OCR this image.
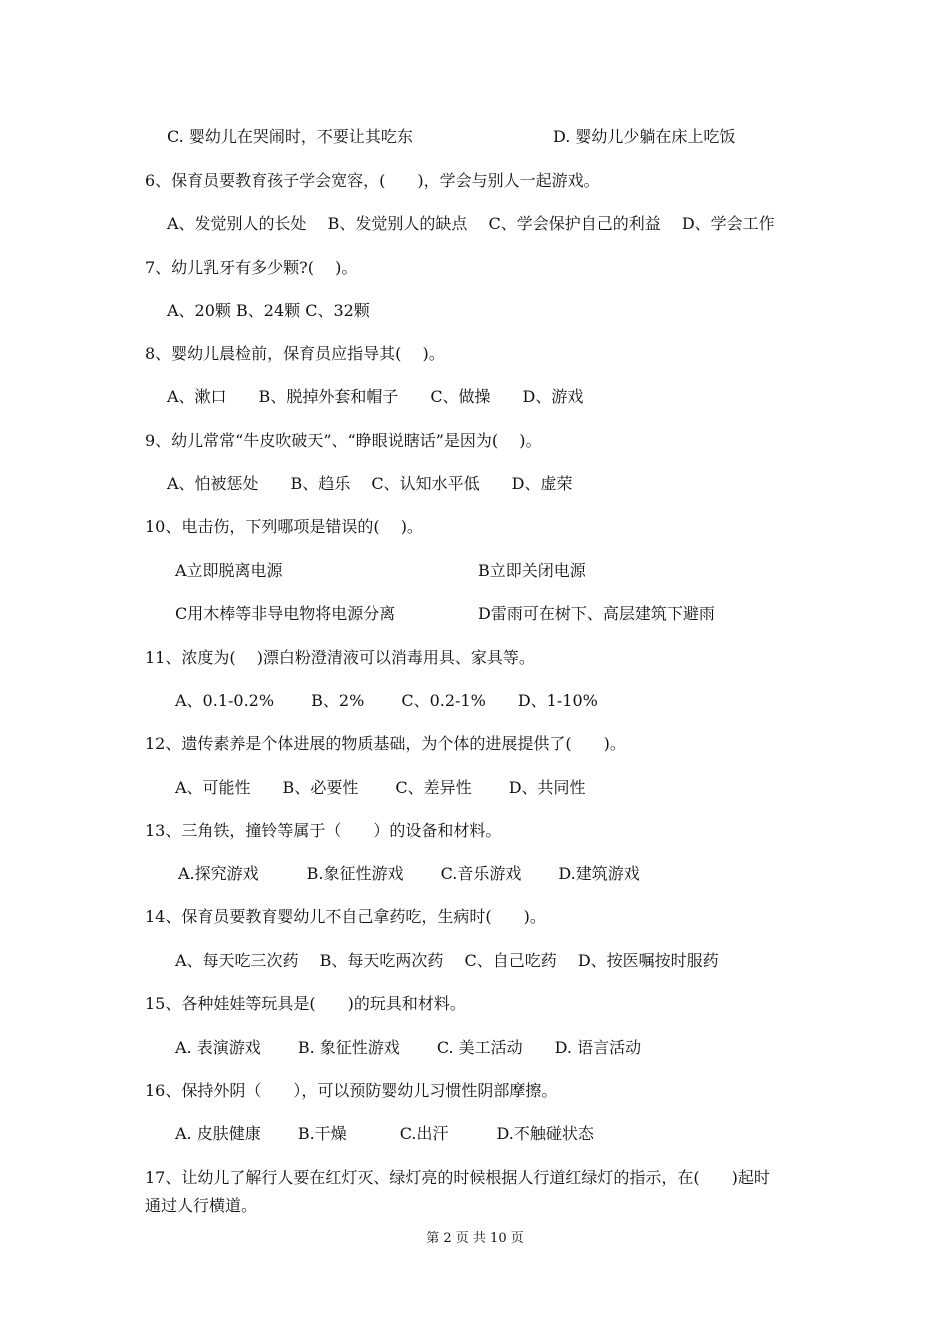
C. 婴幼儿在哭闹时，不要让其吃东	D. 婴幼儿少躺在床上吃饭
6、保育员要教育孩子学会宽容，(　　)，学会与别人一起游戏。
A、发觉别人的长处　 B、发觉别人的缺点　 C、学会保护自己的利益　 D、学会工作
7、幼儿乳牙有多少颗?(　 )。
A、20颗 B、24颗 C、32颗
8、婴幼儿晨检前，保育员应指导其(　 )。
A、漱口　　B、脱掉外套和帽子　　C、做操　　D、游戏
9、幼儿常常“牛皮吹破天”、“睁眼说瞎话”是因为(　 )。
A、怕被惩处　　B、趋乐　 C、认知水平低　　D、虚荣
10、电击伤，下列哪项是错误的(　 )。
A立即脱离电源	B立即关闭电源
C用木棒等非导电物将电源分离	D雷雨可在树下、高层建筑下避雨
11、浓度为(　 )漂白粉澄清液可以消毒用具、家具等。
A、0.1-0.2%　　 B、2%　　 C、0.2-1%　　D、1-10%
12、遗传素养是个体进展的物质基础，为个体的进展提供了(　　)。
A、可能性　　B、必要性　　 C、差异性　　 D、共同性
13、三角铁，撞铃等属于（　　）的设备和材料。
A.探究游戏　　　B.象征性游戏　　 C.音乐游戏　　 D.建筑游戏
14、保育员要教育婴幼儿不自己拿药吃，生病时(　　)。
A、每天吃三次药　 B、每天吃两次药　 C、自己吃药　 D、按医嘱按时服药
15、各种娃娃等玩具是(　　)的玩具和材料。
A. 表演游戏　　 B. 象征性游戏　　 C. 美工活动　　D. 语言活动
16、保持外阴（　　），可以预防婴幼儿习惯性阴部摩擦。
A. 皮肤健康　　 B.干燥　　　 C.出汗　　　D.不触碰状态
17、让幼儿了解行人要在红灯灭、绿灯亮的时候根据人行道红绿灯的指示，在(　　)起时
通过人行横道。
第 2 页 共 10 页
